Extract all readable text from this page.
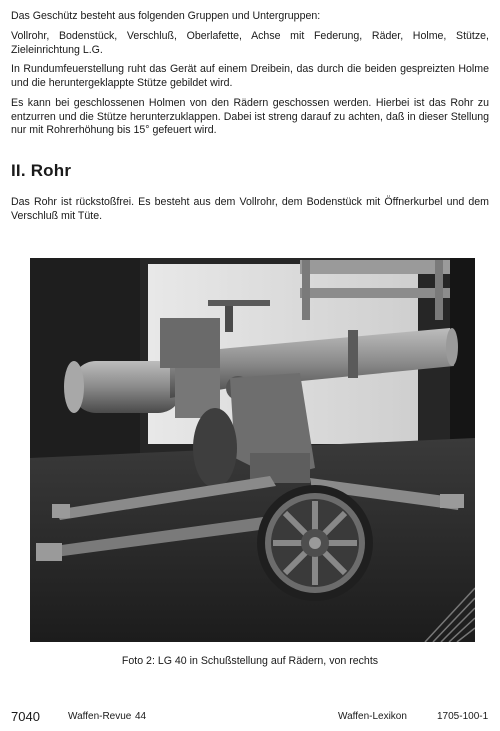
Das Geschütz besteht aus folgenden Gruppen und Untergruppen:

Vollrohr, Bodenstück, Verschluß, Oberlafette, Achse mit Federung, Räder, Holme, Stütze, Zieleinrichtung L.G.

In Rundumfeuerstellung ruht das Gerät auf einem Dreibein, das durch die beiden gespreizten Holme und die heruntergeklappte Stütze gebildet wird.

Es kann bei geschlossenen Holmen von den Rädern geschossen werden. Hierbei ist das Rohr zu entzurren und die Stütze herunterzuklappen. Dabei ist streng darauf zu achten, daß in dieser Stellung nur mit Rohrerhöhung bis 15° gefeuert wird.

II. Rohr

Das Rohr ist rückstoßfrei. Es besteht aus dem Vollrohr, dem Bodenstück mit Öffnerkurbel und dem Verschluß mit Tüte.

Foto 2: LG 40 in Schußstellung auf Rädern, von rechts

7040	Waffen-Revue 44	Waffen-Lexikon	1705-100-1
